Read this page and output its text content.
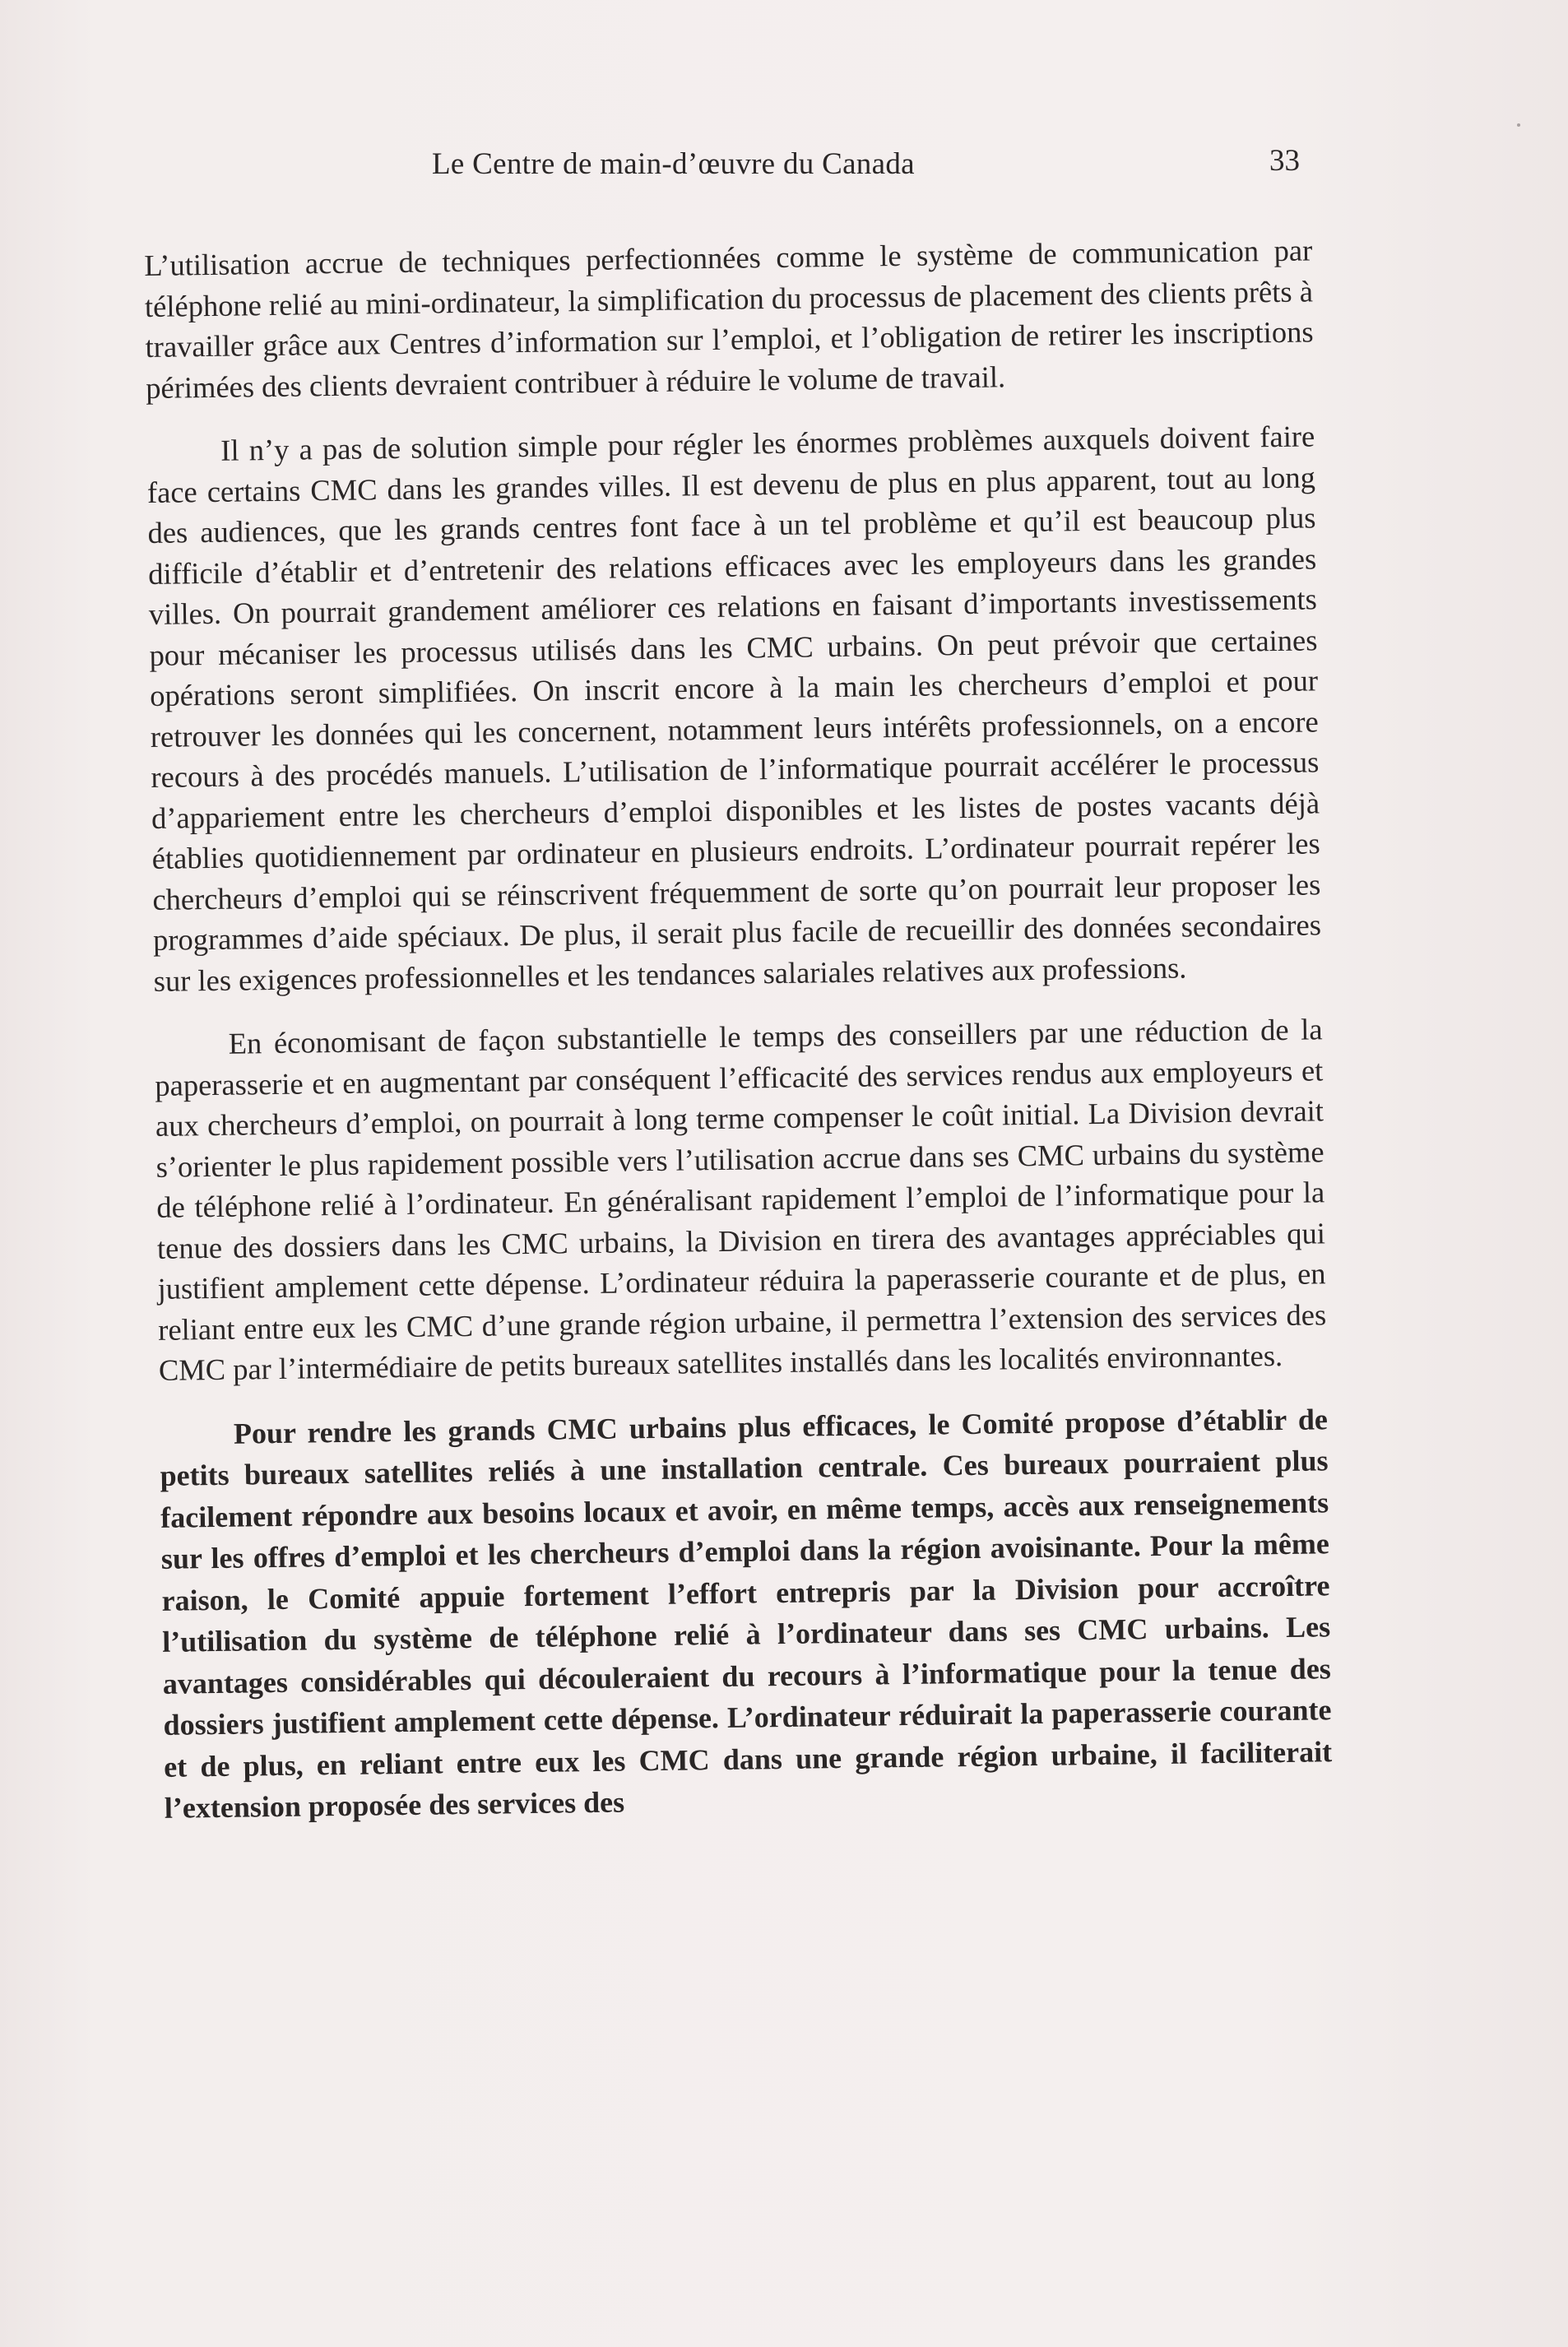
Le Centre de main-d’œuvre du Canada	33

L’utilisation accrue de techniques perfectionnées comme le système de communication par téléphone relié au mini-ordinateur, la simplification du processus de placement des clients prêts à travailler grâce aux Centres d’information sur l’emploi, et l’obligation de retirer les inscriptions périmées des clients devraient contribuer à réduire le volume de travail.

Il n’y a pas de solution simple pour régler les énormes problèmes auxquels doivent faire face certains CMC dans les grandes villes. Il est devenu de plus en plus apparent, tout au long des audiences, que les grands centres font face à un tel problème et qu’il est beaucoup plus difficile d’établir et d’entretenir des relations efficaces avec les employeurs dans les grandes villes. On pourrait grandement améliorer ces relations en faisant d’importants investissements pour mécaniser les processus utilisés dans les CMC urbains. On peut prévoir que certaines opérations seront simplifiées. On inscrit encore à la main les chercheurs d’emploi et pour retrouver les données qui les concernent, notamment leurs intérêts professionnels, on a encore recours à des procédés manuels. L’utilisation de l’informatique pourrait accélérer le processus d’appariement entre les chercheurs d’emploi disponibles et les listes de postes vacants déjà établies quotidiennement par ordinateur en plusieurs endroits. L’ordinateur pourrait repérer les chercheurs d’emploi qui se réinscrivent fréquemment de sorte qu’on pourrait leur proposer les programmes d’aide spéciaux. De plus, il serait plus facile de recueillir des données secondaires sur les exigences professionnelles et les tendances salariales relatives aux professions.

En économisant de façon substantielle le temps des conseillers par une réduction de la paperasserie et en augmentant par conséquent l’efficacité des services rendus aux employeurs et aux chercheurs d’emploi, on pourrait à long terme compenser le coût initial. La Division devrait s’orienter le plus rapidement possible vers l’utilisation accrue dans ses CMC urbains du système de téléphone relié à l’ordinateur. En généralisant rapidement l’emploi de l’informatique pour la tenue des dossiers dans les CMC urbains, la Division en tirera des avantages appréciables qui justifient amplement cette dépense. L’ordinateur réduira la paperasserie courante et de plus, en reliant entre eux les CMC d’une grande région urbaine, il permettra l’extension des services des CMC par l’intermédiaire de petits bureaux satellites installés dans les localités environnantes.

Pour rendre les grands CMC urbains plus efficaces, le Comité propose d’établir de petits bureaux satellites reliés à une installation centrale. Ces bureaux pourraient plus facilement répondre aux besoins locaux et avoir, en même temps, accès aux renseignements sur les offres d’emploi et les chercheurs d’emploi dans la région avoisinante. Pour la même raison, le Comité appuie fortement l’effort entrepris par la Division pour accroître l’utilisation du système de téléphone relié à l’ordinateur dans ses CMC urbains. Les avantages considérables qui découleraient du recours à l’informatique pour la tenue des dossiers justifient amplement cette dépense. L’ordinateur réduirait la paperasserie courante et de plus, en reliant entre eux les CMC dans une grande région urbaine, il faciliterait l’extension proposée des services des
